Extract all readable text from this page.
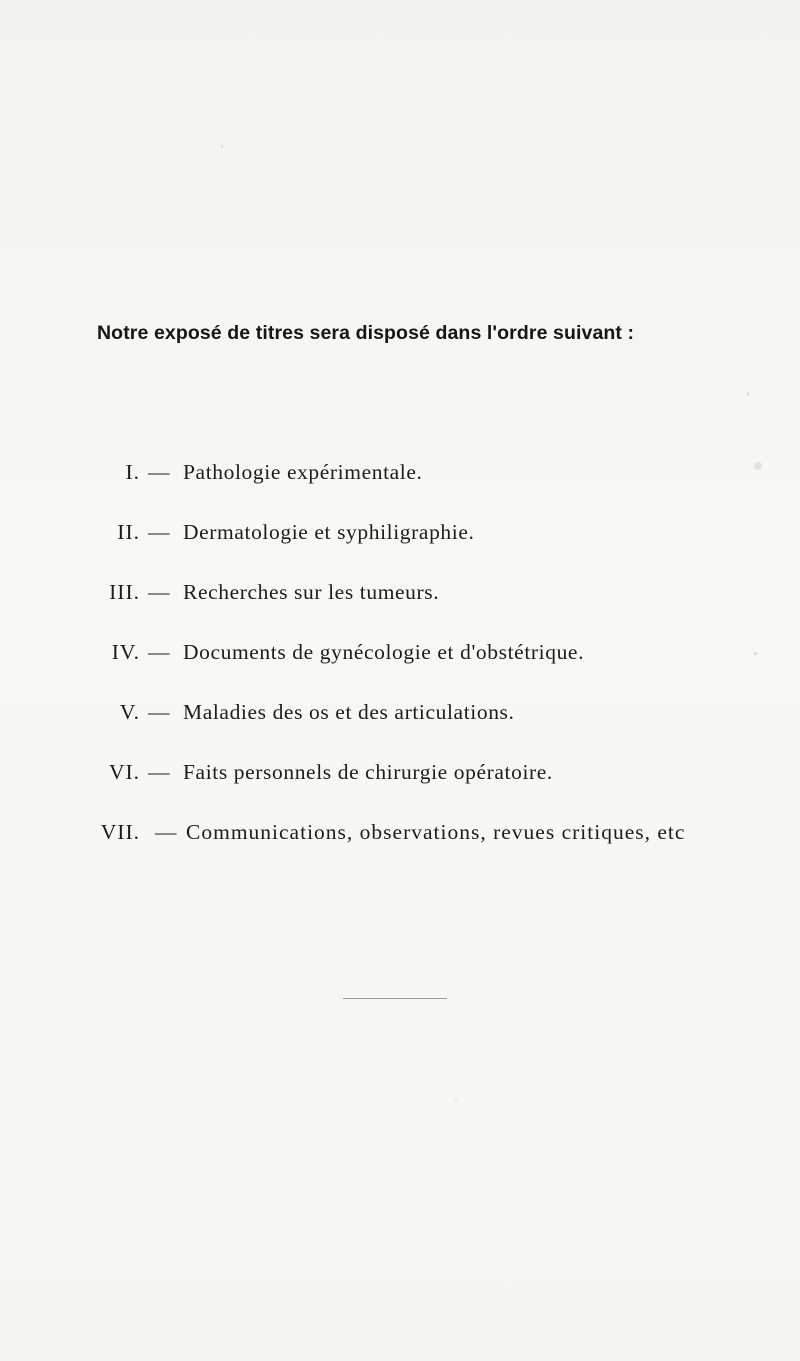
Notre exposé de titres sera disposé dans l'ordre suivant :
I. — Pathologie expérimentale.
II. — Dermatologie et syphiligraphie.
III. — Recherches sur les tumeurs.
IV. — Documents de gynécologie et d'obstétrique.
V. — Maladies des os et des articulations.
VI. — Faits personnels de chirurgie opératoire.
VII. — Communications, observations, revues critiques, etc
